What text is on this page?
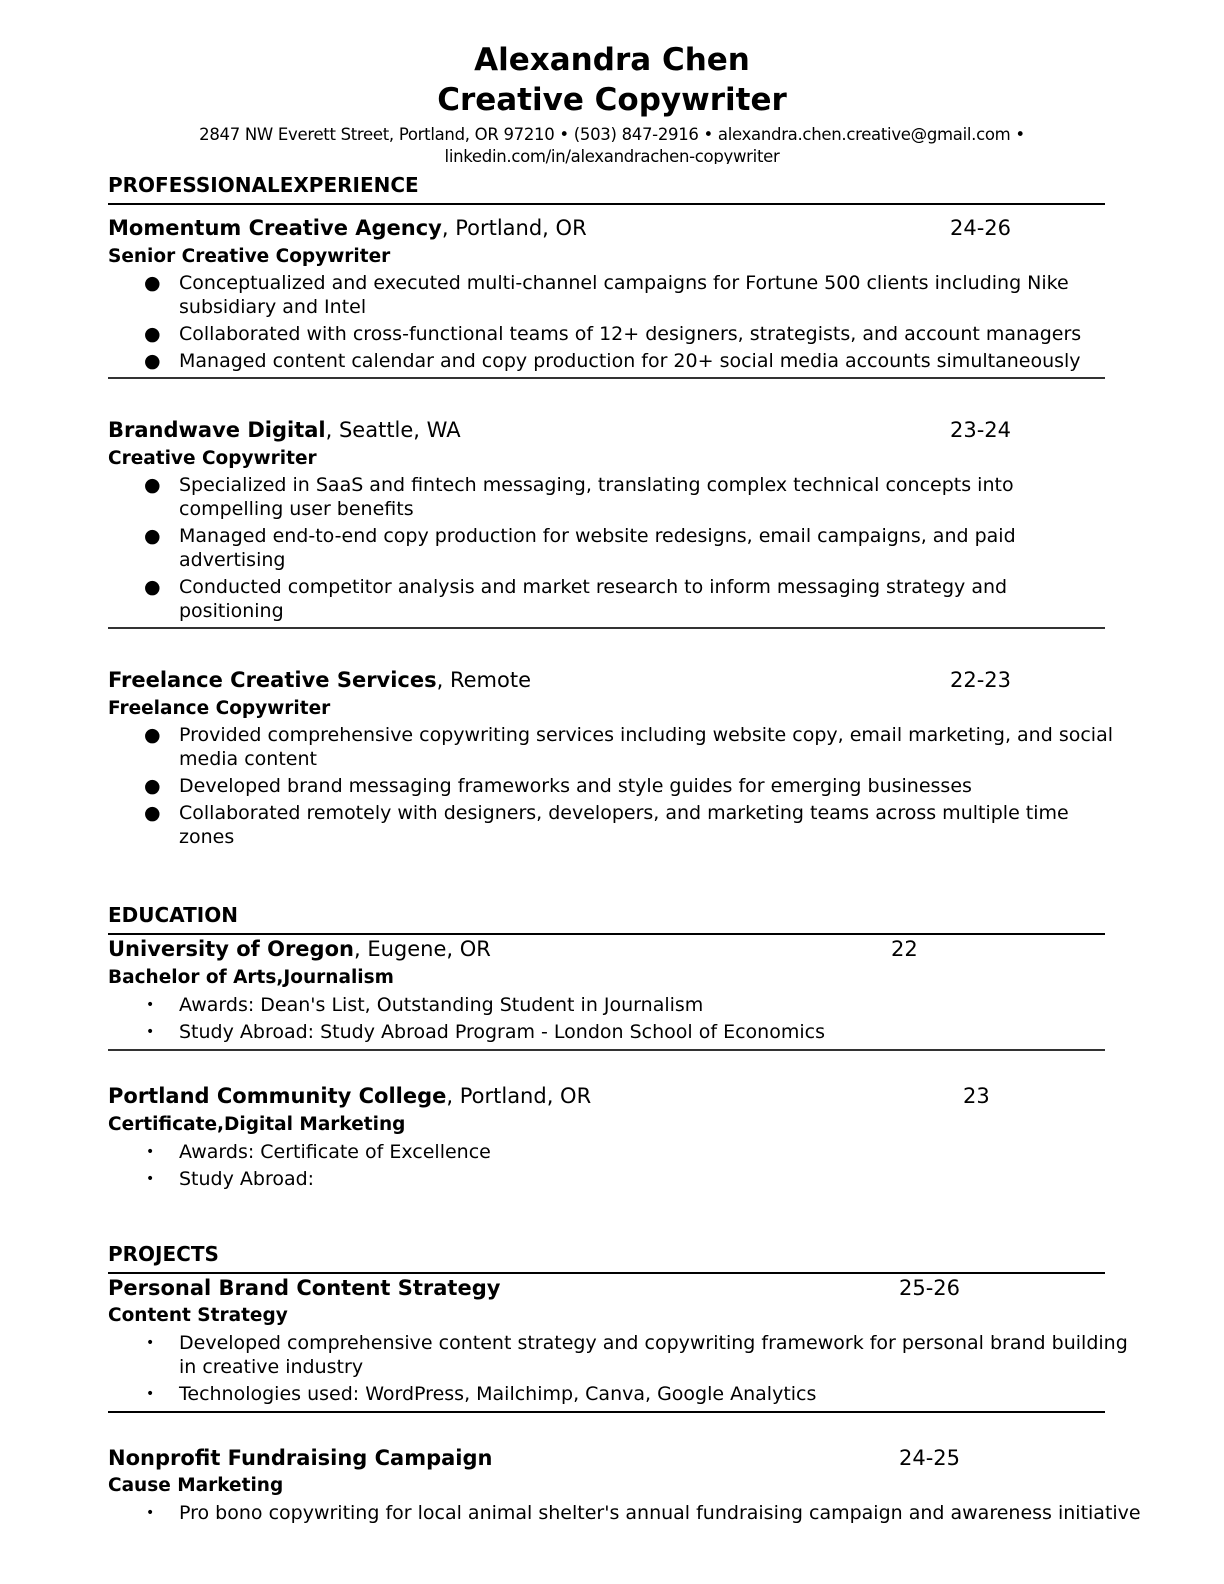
Alexandra Chen
Creative Copywriter
2847 NW Everett Street, Portland, OR 97210 • (503) 847-2916 • alexandra.chen.creative@gmail.com •
linkedin.com/in/alexandrachen-copywriter
PROFESSIONALEXPERIENCE
Momentum Creative Agency, Portland, OR	24-26
Senior Creative Copywriter
● Conceptualized and executed multi-channel campaigns for Fortune 500 clients including Nike subsidiary and Intel
● Collaborated with cross-functional teams of 12+ designers, strategists, and account managers
● Managed content calendar and copy production for 20+ social media accounts simultaneously
Brandwave Digital, Seattle, WA	23-24
Creative Copywriter
● Specialized in SaaS and fintech messaging, translating complex technical concepts into compelling user benefits
● Managed end-to-end copy production for website redesigns, email campaigns, and paid advertising
● Conducted competitor analysis and market research to inform messaging strategy and positioning
Freelance Creative Services, Remote	22-23
Freelance Copywriter
● Provided comprehensive copywriting services including website copy, email marketing, and social media content
● Developed brand messaging frameworks and style guides for emerging businesses
● Collaborated remotely with designers, developers, and marketing teams across multiple time zones
EDUCATION
University of Oregon, Eugene, OR	22
Bachelor of Arts,Journalism
• Awards: Dean's List, Outstanding Student in Journalism
• Study Abroad: Study Abroad Program - London School of Economics
Portland Community College, Portland, OR	23
Certificate,Digital Marketing
• Awards: Certificate of Excellence
• Study Abroad:
PROJECTS
Personal Brand Content Strategy	25-26
Content Strategy
• Developed comprehensive content strategy and copywriting framework for personal brand building in creative industry
• Technologies used: WordPress, Mailchimp, Canva, Google Analytics
Nonprofit Fundraising Campaign	24-25
Cause Marketing
• Pro bono copywriting for local animal shelter's annual fundraising campaign and awareness initiative
